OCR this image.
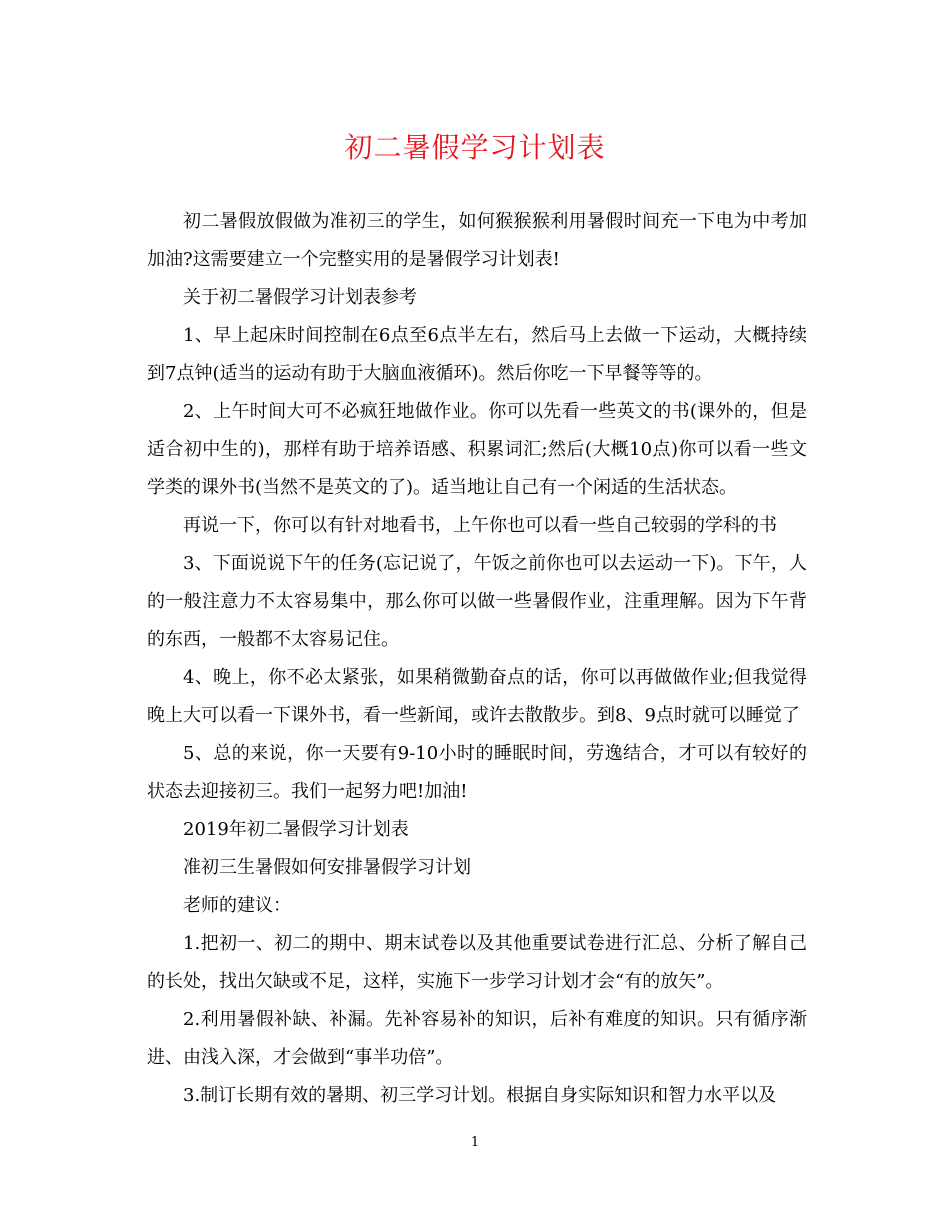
初二暑假学习计划表

初二暑假放假做为准初三的学生，如何猴猴猴利用暑假时间充一下电为中考加加油?这需要建立一个完整实用的是暑假学习计划表!

关于初二暑假学习计划表参考

1、早上起床时间控制在6点至6点半左右，然后马上去做一下运动，大概持续到7点钟(适当的运动有助于大脑血液循环)。然后你吃一下早餐等等的。

2、上午时间大可不必疯狂地做作业。你可以先看一些英文的书(课外的，但是适合初中生的)，那样有助于培养语感、积累词汇;然后(大概10点)你可以看一些文学类的课外书(当然不是英文的了)。适当地让自己有一个闲适的生活状态。

再说一下，你可以有针对地看书，上午你也可以看一些自己较弱的学科的书

3、下面说说下午的任务(忘记说了，午饭之前你也可以去运动一下)。下午，人的一般注意力不太容易集中，那么你可以做一些暑假作业，注重理解。因为下午背的东西，一般都不太容易记住。

4、晚上，你不必太紧张，如果稍微勤奋点的话，你可以再做做作业;但我觉得晚上大可以看一下课外书，看一些新闻，或许去散散步。到8、9点时就可以睡觉了

5、总的来说，你一天要有9-10小时的睡眠时间，劳逸结合，才可以有较好的状态去迎接初三。我们一起努力吧!加油!

2019年初二暑假学习计划表

准初三生暑假如何安排暑假学习计划

老师的建议：

1.把初一、初二的期中、期末试卷以及其他重要试卷进行汇总、分析了解自己的长处，找出欠缺或不足，这样，实施下一步学习计划才会“有的放矢”。

2.利用暑假补缺、补漏。先补容易补的知识，后补有难度的知识。只有循序渐进、由浅入深，才会做到“事半功倍”。

3.制订长期有效的暑期、初三学习计划。根据自身实际知识和智力水平以及

1
